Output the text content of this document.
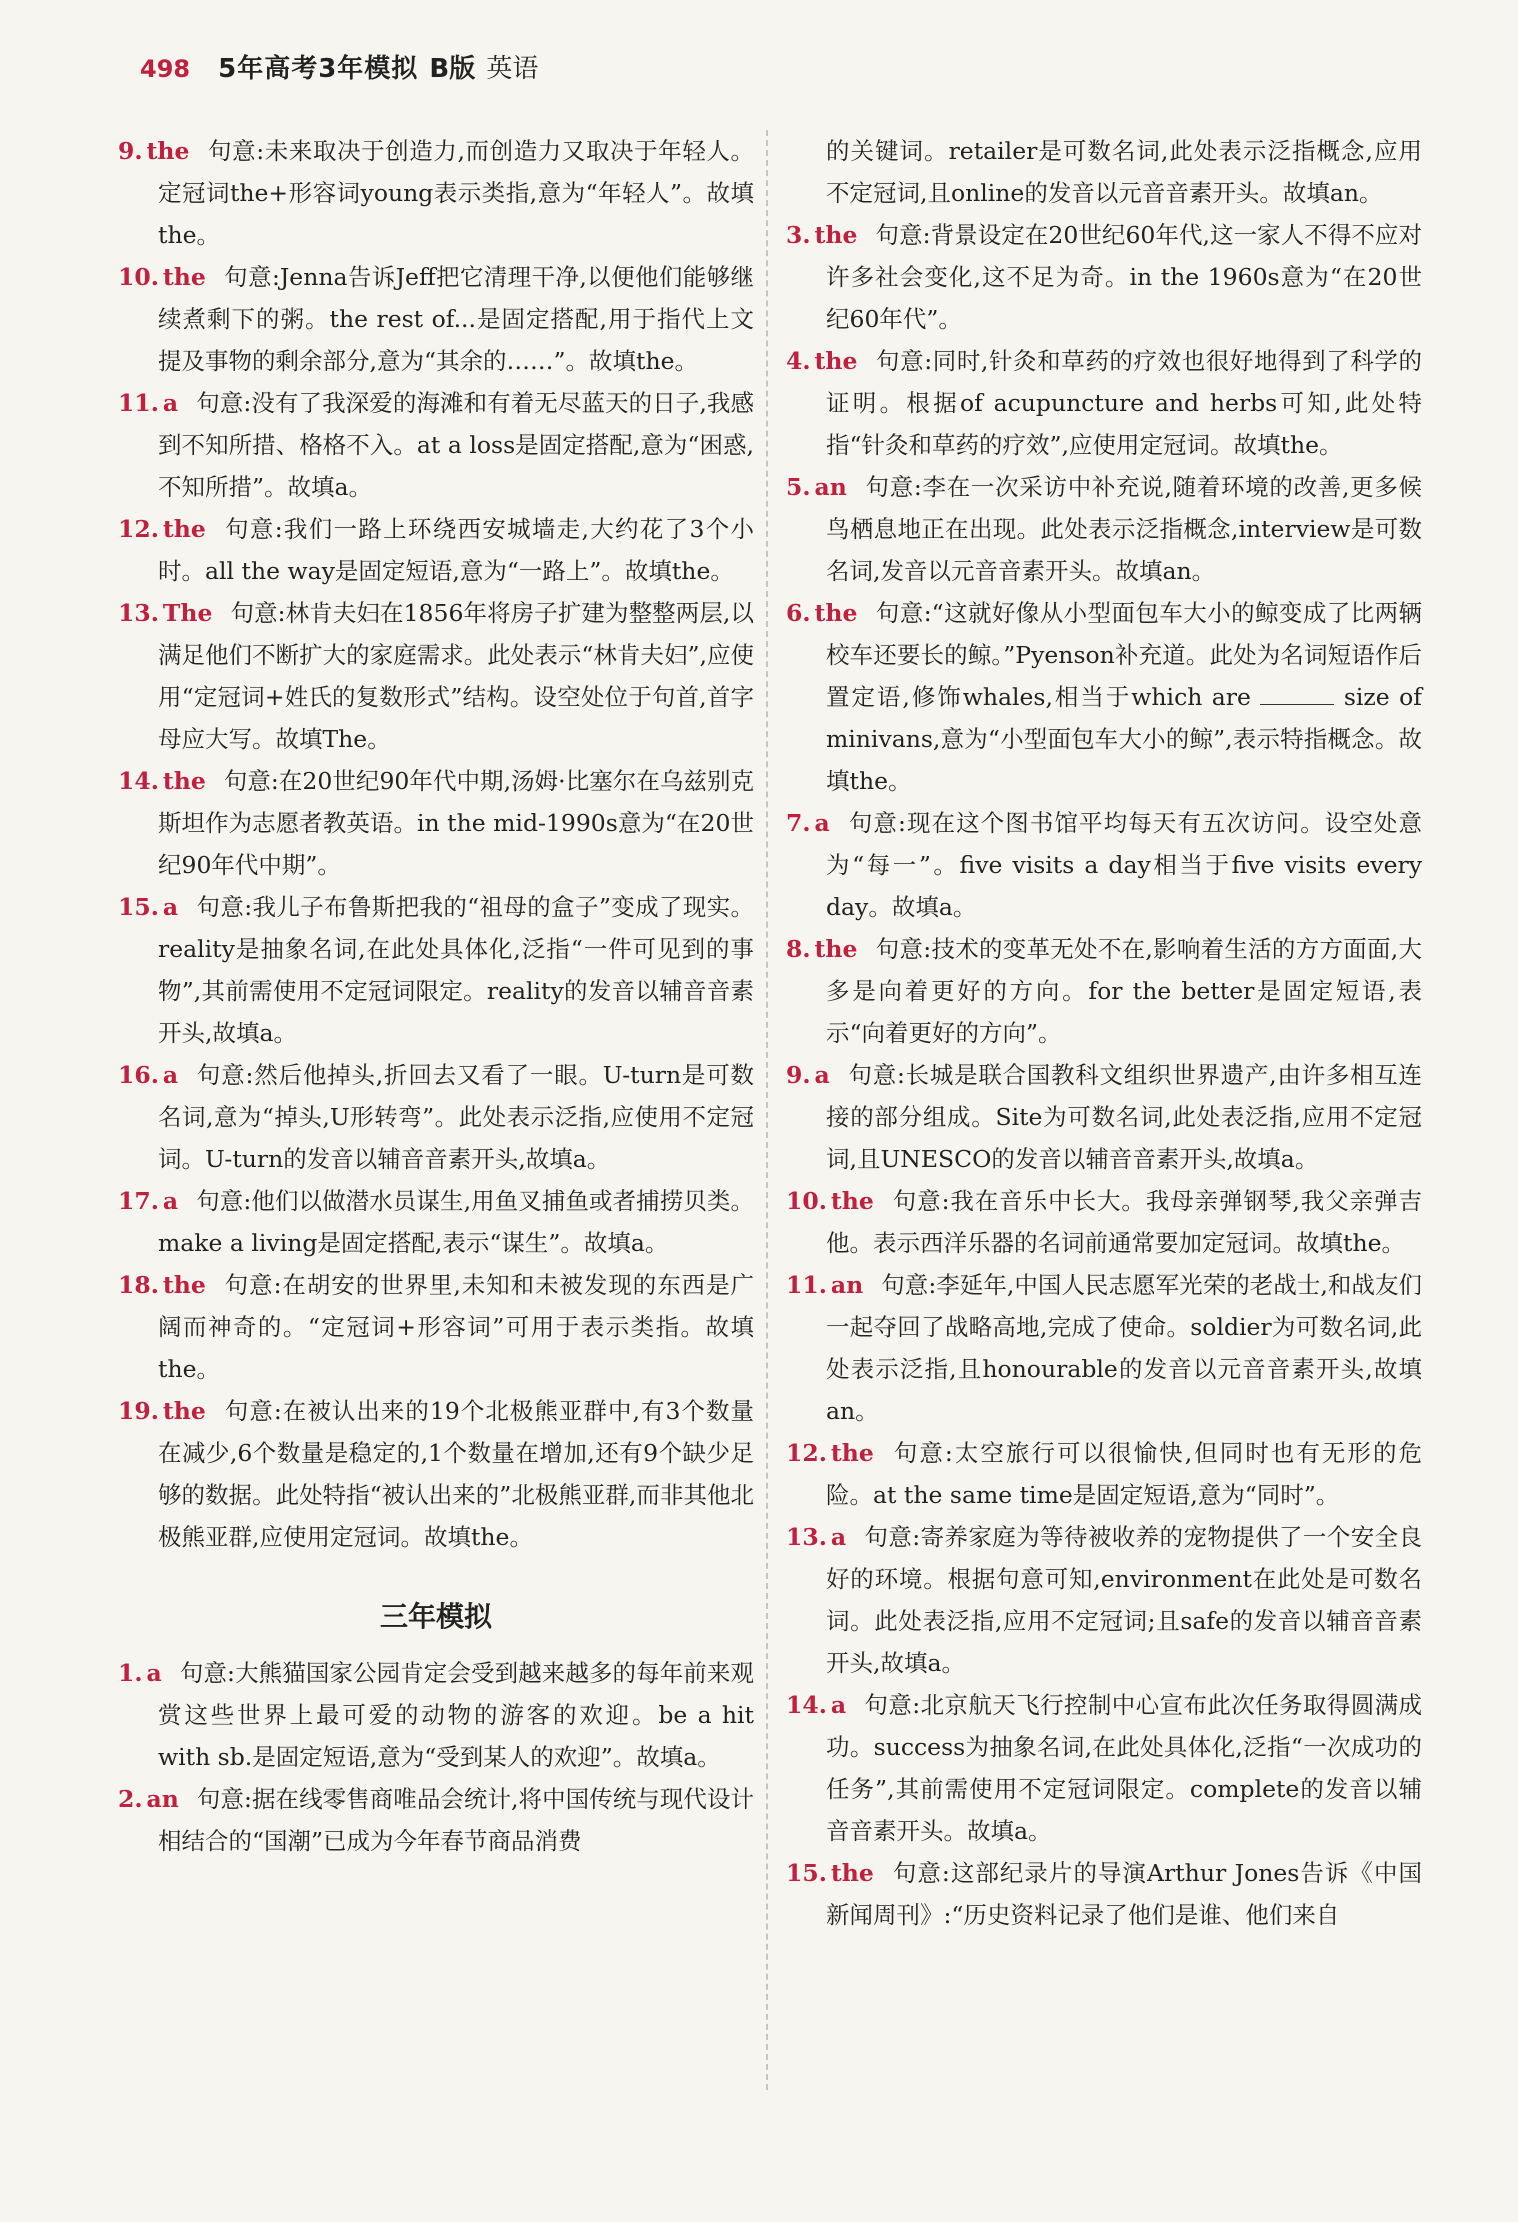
498 5年高考3年模拟 B版 英语
9. the 句意:未来取决于创造力,而创造力又取决于年轻人。定冠词the+形容词young表示类指,意为“年轻人”。故填the。
10. the 句意:Jenna告诉Jeff把它清理干净,以便他们能够继续煮剩下的粥。the rest of...是固定搭配,用于指代上文提及事物的剩余部分,意为“其余的……”。故填the。
11. a 句意:没有了我深爱的海滩和有着无尽蓝天的日子,我感到不知所措、格格不入。at a loss是固定搭配,意为“困惑,不知所措”。故填a。
12. the 句意:我们一路上环绕西安城墙走,大约花了3个小时。all the way是固定短语,意为“一路上”。故填the。
13. The 句意:林肯夫妇在1856年将房子扩建为整整两层,以满足他们不断扩大的家庭需求。此处表示“林肯夫妇”,应使用“定冠词+姓氏的复数形式”结构。设空处位于句首,首字母应大写。故填The。
14. the 句意:在20世纪90年代中期,汤姆·比塞尔在乌兹别克斯坦作为志愿者教英语。in the mid-1990s意为“在20世纪90年代中期”。
15. a 句意:我儿子布鲁斯把我的“祖母的盒子”变成了现实。reality是抽象名词,在此处具体化,泛指“一件可见到的事物”,其前需使用不定冠词限定。reality的发音以辅音音素开头,故填a。
16. a 句意:然后他掉头,折回去又看了一眼。U-turn是可数名词,意为“掉头,U形转弯”。此处表示泛指,应使用不定冠词。U-turn的发音以辅音音素开头,故填a。
17. a 句意:他们以做潜水员谋生,用鱼叉捕鱼或者捕捞贝类。make a living是固定搭配,表示“谋生”。故填a。
18. the 句意:在胡安的世界里,未知和未被发现的东西是广阔而神奇的。“定冠词+形容词”可用于表示类指。故填the。
19. the 句意:在被认出来的19个北极熊亚群中,有3个数量在减少,6个数量是稳定的,1个数量在增加,还有9个缺少足够的数据。此处特指“被认出来的”北极熊亚群,而非其他北极熊亚群,应使用定冠词。故填the。
三年模拟
1. a 句意:大熊猫国家公园肯定会受到越来越多的每年前来观赏这些世界上最可爱的动物的游客的欢迎。be a hit with sb.是固定短语,意为“受到某人的欢迎”。故填a。
2. an 句意:据在线零售商唯品会统计,将中国传统与现代设计相结合的“国潮”已成为今年春节商品消费
的关键词。retailer是可数名词,此处表示泛指概念,应用不定冠词,且online的发音以元音音素开头。故填an。
3. the 句意:背景设定在20世纪60年代,这一家人不得不应对许多社会变化,这不足为奇。in the 1960s意为“在20世纪60年代”。
4. the 句意:同时,针灸和草药的疗效也很好地得到了科学的证明。根据of acupuncture and herbs可知,此处特指“针灸和草药的疗效”,应使用定冠词。故填the。
5. an 句意:李在一次采访中补充说,随着环境的改善,更多候鸟栖息地正在出现。此处表示泛指概念,interview是可数名词,发音以元音音素开头。故填an。
6. the 句意:“这就好像从小型面包车大小的鲸变成了比两辆校车还要长的鲸。”Pyenson补充道。此处为名词短语作后置定语,修饰whales,相当于which are	size of minivans,意为“小型面包车大小的鲸”,表示特指概念。故填the。
7. a 句意:现在这个图书馆平均每天有五次访问。设空处意为“每一”。five visits a day相当于five visits every day。故填a。
8. the 句意:技术的变革无处不在,影响着生活的方方面面,大多是向着更好的方向。for the better是固定短语,表示“向着更好的方向”。
9. a 句意:长城是联合国教科文组织世界遗产,由许多相互连接的部分组成。Site为可数名词,此处表泛指,应用不定冠词,且UNESCO的发音以辅音音素开头,故填a。
10. the 句意:我在音乐中长大。我母亲弹钢琴,我父亲弹吉他。表示西洋乐器的名词前通常要加定冠词。故填the。
11. an 句意:李延年,中国人民志愿军光荣的老战士,和战友们一起夺回了战略高地,完成了使命。soldier为可数名词,此处表示泛指,且honourable的发音以元音音素开头,故填an。
12. the 句意:太空旅行可以很愉快,但同时也有无形的危险。at the same time是固定短语,意为“同时”。
13. a 句意:寄养家庭为等待被收养的宠物提供了一个安全良好的环境。根据句意可知,environment在此处是可数名词。此处表泛指,应用不定冠词;且safe的发音以辅音音素开头,故填a。
14. a 句意:北京航天飞行控制中心宣布此次任务取得圆满成功。success为抽象名词,在此处具体化,泛指“一次成功的任务”,其前需使用不定冠词限定。complete的发音以辅音音素开头。故填a。
15. the 句意:这部纪录片的导演Arthur Jones告诉《中国新闻周刊》:“历史资料记录了他们是谁、他们来自
